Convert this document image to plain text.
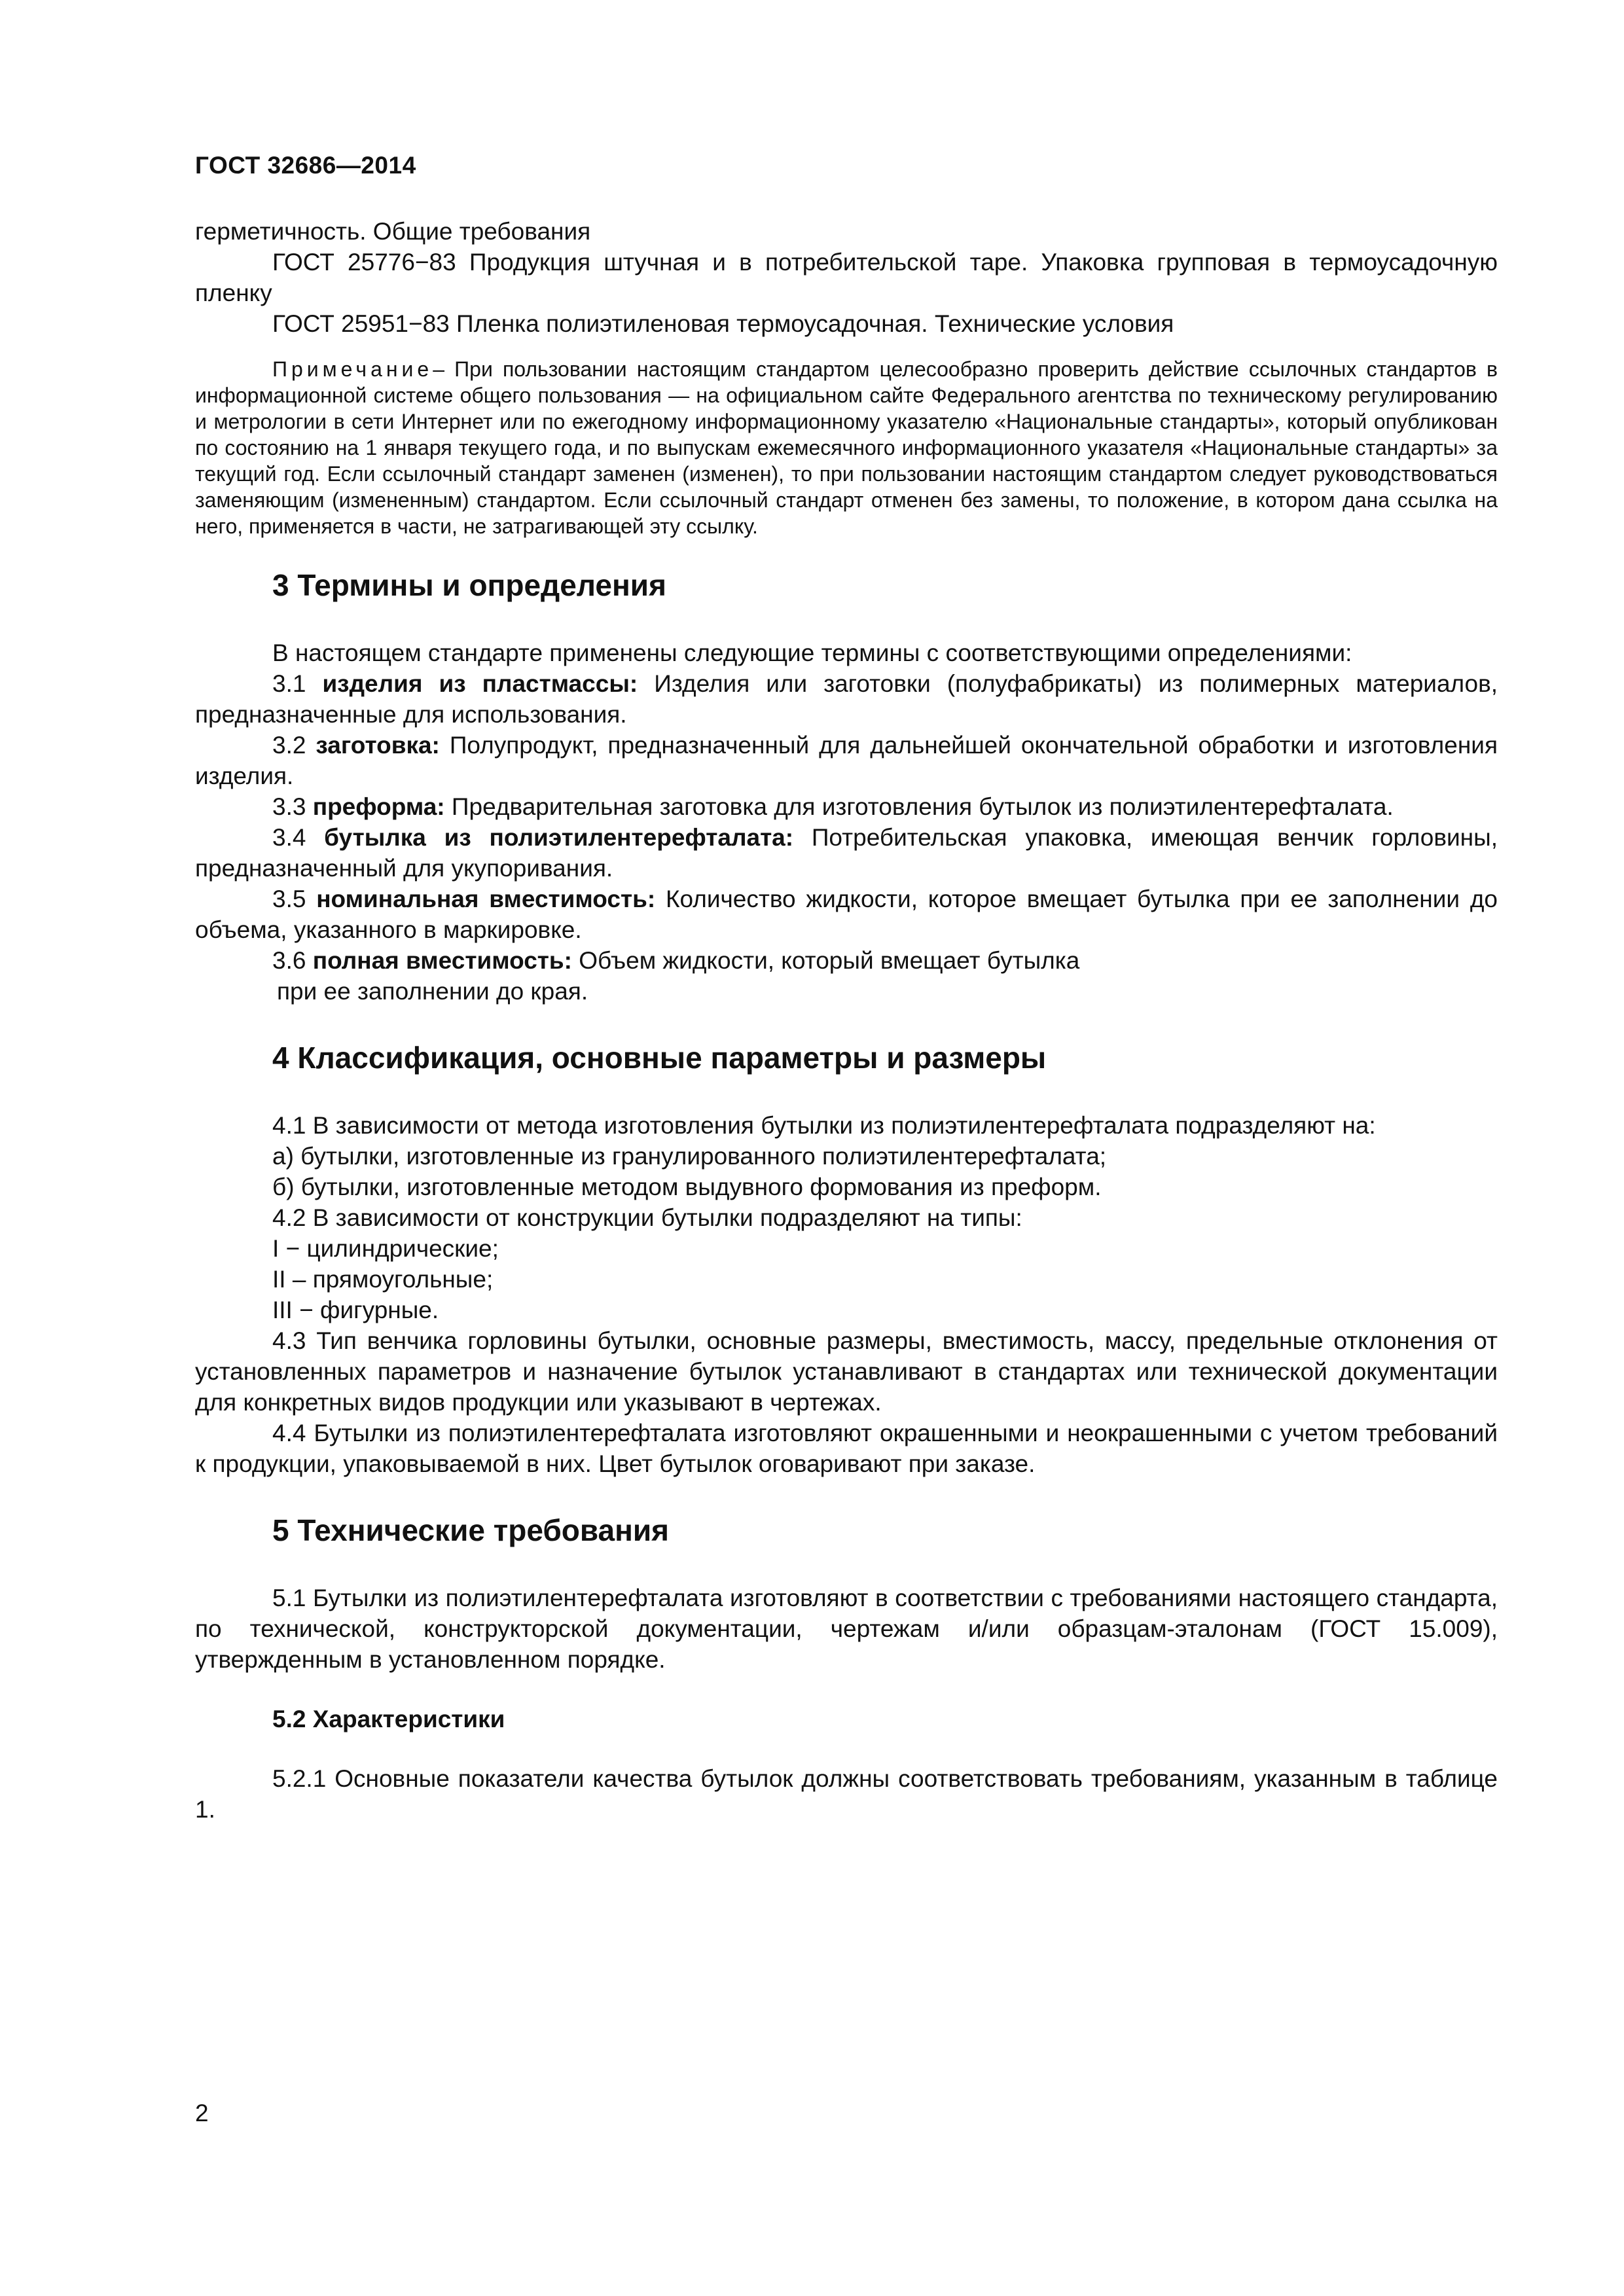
ГОСТ 32686—2014

герметичность. Общие требования

ГОСТ 25776−83 Продукция штучная и в потребительской таре. Упаковка групповая в термоусадочную пленку

ГОСТ 25951−83 Пленка полиэтиленовая термоусадочная. Технические условия

Примечание– При пользовании настоящим стандартом целесообразно проверить действие ссылочных стандартов в информационной системе общего пользования — на официальном сайте Федерального агентства по техническому регулированию и метрологии в сети Интернет или по ежегодному информационному указателю «Национальные стандарты», который опубликован по состоянию на 1 января текущего года, и по выпускам ежемесячного информационного указателя «Национальные стандарты» за текущий год. Если ссылочный стандарт заменен (изменен), то при пользовании настоящим стандартом следует руководствоваться заменяющим (измененным) стандартом. Если ссылочный стандарт отменен без замены, то положение, в котором дана ссылка на него, применяется в части, не затрагивающей эту ссылку.

3 Термины и определения

В настоящем стандарте применены следующие термины с соответствующими определениями:

3.1 изделия из пластмассы: Изделия или заготовки (полуфабрикаты) из полимерных материалов, предназначенные для использования.

3.2 заготовка: Полупродукт, предназначенный для дальнейшей окончательной обработки и изготовления изделия.

3.3 преформа: Предварительная заготовка для изготовления бутылок из полиэтилентерефталата.

3.4 бутылка из полиэтилентерефталата: Потребительская упаковка, имеющая венчик горловины, предназначенный для укупоривания.

3.5 номинальная вместимость: Количество жидкости, которое вмещает бутылка при ее заполнении до объема, указанного в маркировке.

3.6 полная вместимость: Объем жидкости, который вмещает бутылка

при ее заполнении до края.

4 Классификация, основные параметры и размеры

4.1 В зависимости от метода изготовления бутылки из полиэтилентерефталата подразделяют на:

а) бутылки, изготовленные из гранулированного полиэтилентерефталата;

б) бутылки, изготовленные методом выдувного формования из преформ.

4.2 В зависимости от конструкции бутылки подразделяют на типы:

I − цилиндрические;

II – прямоугольные;

III − фигурные.

4.3 Тип венчика горловины бутылки, основные размеры, вместимость, массу, предельные отклонения от установленных параметров и назначение бутылок устанавливают в стандартах или технической документации для конкретных видов продукции или указывают в чертежах.

4.4 Бутылки из полиэтилентерефталата изготовляют окрашенными и неокрашенными с учетом требований к продукции, упаковываемой в них. Цвет бутылок оговаривают при заказе.

5 Технические требования

5.1 Бутылки из полиэтилентерефталата изготовляют в соответствии с требованиями настоящего стандарта, по технической, конструкторской документации, чертежам и/или образцам-эталонам (ГОСТ 15.009), утвержденным в установленном порядке.

5.2 Характеристики

5.2.1 Основные показатели качества бутылок должны соответствовать требованиям, указанным в таблице 1.

2
